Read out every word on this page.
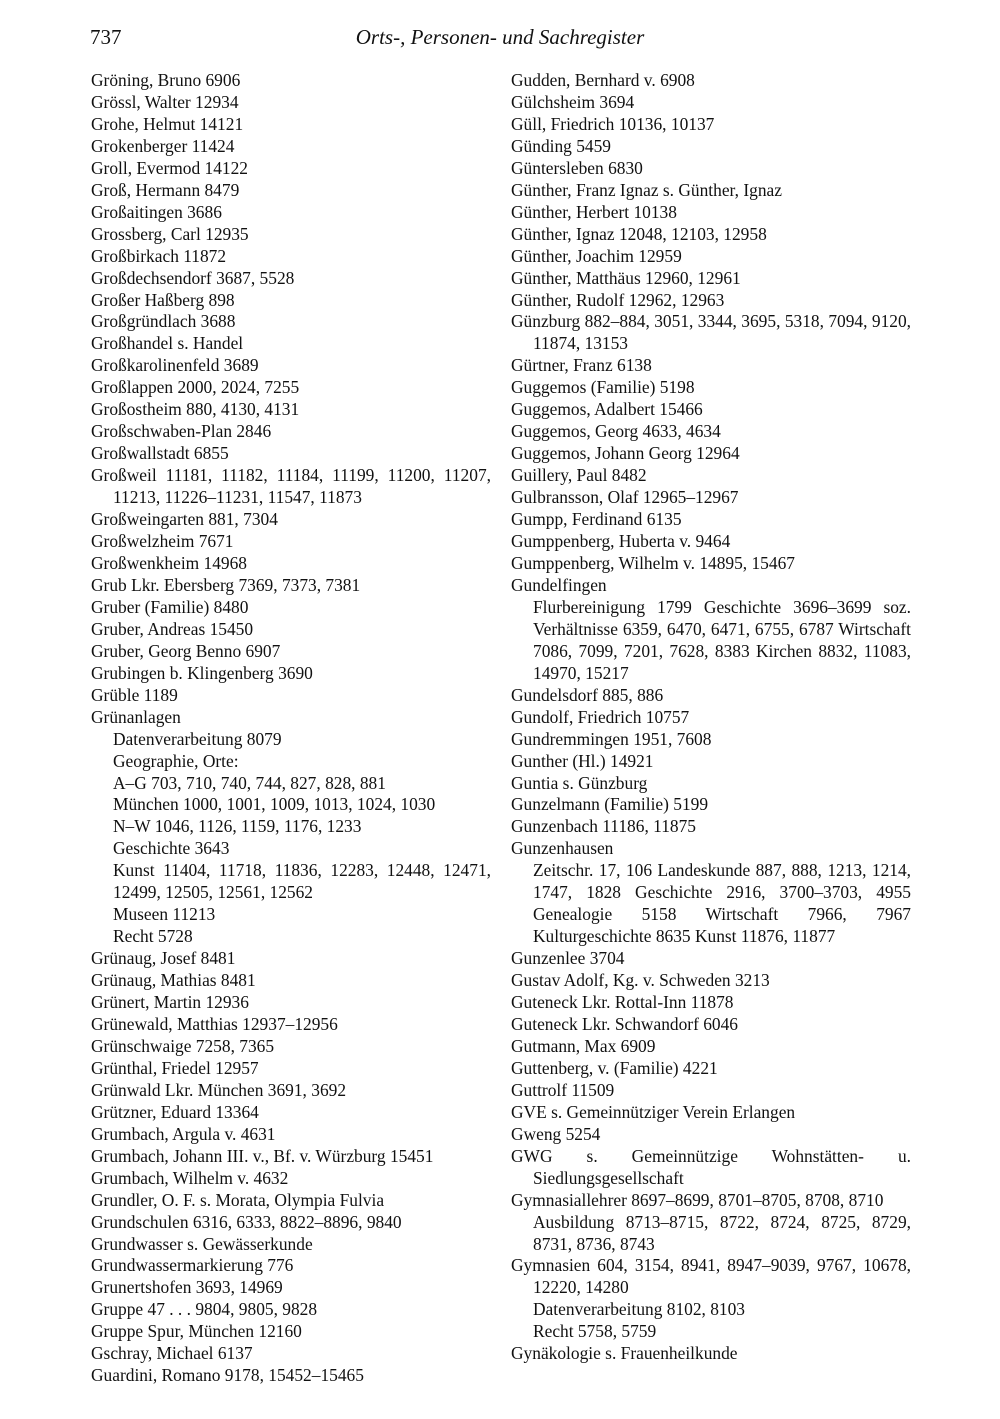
737	Orts-, Personen- und Sachregister

Gröning, Bruno 6906

Grössl, Walter 12934

Grohe, Helmut 14121

Grokenberger 11424

Groll, Evermod 14122

Groß, Hermann 8479

Großaitingen 3686

Grossberg, Carl 12935

Großbirkach 11872

Großdechsendorf 3687, 5528

Großer Haßberg 898

Großgründlach 3688

Großhandel s. Handel

Großkarolinenfeld 3689

Großlappen 2000, 2024, 7255

Großostheim 880, 4130, 4131

Großschwaben-Plan 2846

Großwallstadt 6855

Großweil 11181, 11182, 11184, 11199, 11200, 11207, 11213, 11226–11231, 11547, 11873

Großweingarten 881, 7304

Großwelzheim 7671

Großwenkheim 14968

Grub Lkr. Ebersberg 7369, 7373, 7381

Gruber (Familie) 8480

Gruber, Andreas 15450

Gruber, Georg Benno 6907

Grubingen b. Klingenberg 3690

Grüble 1189

Grünanlagen

Datenverarbeitung 8079

Geographie, Orte:

A–G 703, 710, 740, 744, 827, 828, 881

München 1000, 1001, 1009, 1013, 1024, 1030

N–W 1046, 1126, 1159, 1176, 1233

Geschichte 3643

Kunst 11404, 11718, 11836, 12283, 12448, 12471, 12499, 12505, 12561, 12562

Museen 11213

Recht 5728

Grünaug, Josef 8481

Grünaug, Mathias 8481

Grünert, Martin 12936

Grünewald, Matthias 12937–12956

Grünschwaige 7258, 7365

Grünthal, Friedel 12957

Grünwald Lkr. München 3691, 3692

Grützner, Eduard 13364

Grumbach, Argula v. 4631

Grumbach, Johann III. v., Bf. v. Würzburg 15451

Grumbach, Wilhelm v. 4632

Grundler, O. F. s. Morata, Olympia Fulvia

Grundschulen 6316, 6333, 8822–8896, 9840

Grundwasser s. Gewässerkunde

Grundwassermarkierung 776

Grunertshofen 3693, 14969

Gruppe 47 . . . 9804, 9805, 9828

Gruppe Spur, München 12160

Gschray, Michael 6137

Guardini, Romano 9178, 15452–15465

Gudden, Bernhard v. 6908

Gülchsheim 3694

Güll, Friedrich 10136, 10137

Günding 5459

Güntersleben 6830

Günther, Franz Ignaz s. Günther, Ignaz

Günther, Herbert 10138

Günther, Ignaz 12048, 12103, 12958

Günther, Joachim 12959

Günther, Matthäus 12960, 12961

Günther, Rudolf 12962, 12963

Günzburg 882–884, 3051, 3344, 3695, 5318, 7094, 9120, 11874, 13153

Gürtner, Franz 6138

Guggemos (Familie) 5198

Guggemos, Adalbert 15466

Guggemos, Georg 4633, 4634

Guggemos, Johann Georg 12964

Guillery, Paul 8482

Gulbransson, Olaf 12965–12967

Gumpp, Ferdinand 6135

Gumppenberg, Huberta v. 9464

Gumppenberg, Wilhelm v. 14895, 15467

Gundelfingen

Flurbereinigung 1799 Geschichte 3696–3699 soz. Verhältnisse 6359, 6470, 6471, 6755, 6787 Wirtschaft 7086, 7099, 7201, 7628, 8383 Kirchen 8832, 11083, 14970, 15217

Gundelsdorf 885, 886

Gundolf, Friedrich 10757

Gundremmingen 1951, 7608

Gunther (Hl.) 14921

Guntia s. Günzburg

Gunzelmann (Familie) 5199

Gunzenbach 11186, 11875

Gunzenhausen

Zeitschr. 17, 106 Landeskunde 887, 888, 1213, 1214, 1747, 1828 Geschichte 2916, 3700–3703, 4955 Genealogie 5158 Wirtschaft 7966, 7967 Kulturgeschichte 8635 Kunst 11876, 11877

Gunzenlee 3704

Gustav Adolf, Kg. v. Schweden 3213

Guteneck Lkr. Rottal-Inn 11878

Guteneck Lkr. Schwandorf 6046

Gutmann, Max 6909

Guttenberg, v. (Familie) 4221

Guttrolf 11509

GVE s. Gemeinnütziger Verein Erlangen

Gweng 5254

GWG s. Gemeinnützige Wohnstätten- u. Siedlungsgesellschaft

Gymnasiallehrer 8697–8699, 8701–8705, 8708, 8710

Ausbildung 8713–8715, 8722, 8724, 8725, 8729, 8731, 8736, 8743

Gymnasien 604, 3154, 8941, 8947–9039, 9767, 10678, 12220, 14280

Datenverarbeitung 8102, 8103

Recht 5758, 5759

Gynäkologie s. Frauenheilkunde
